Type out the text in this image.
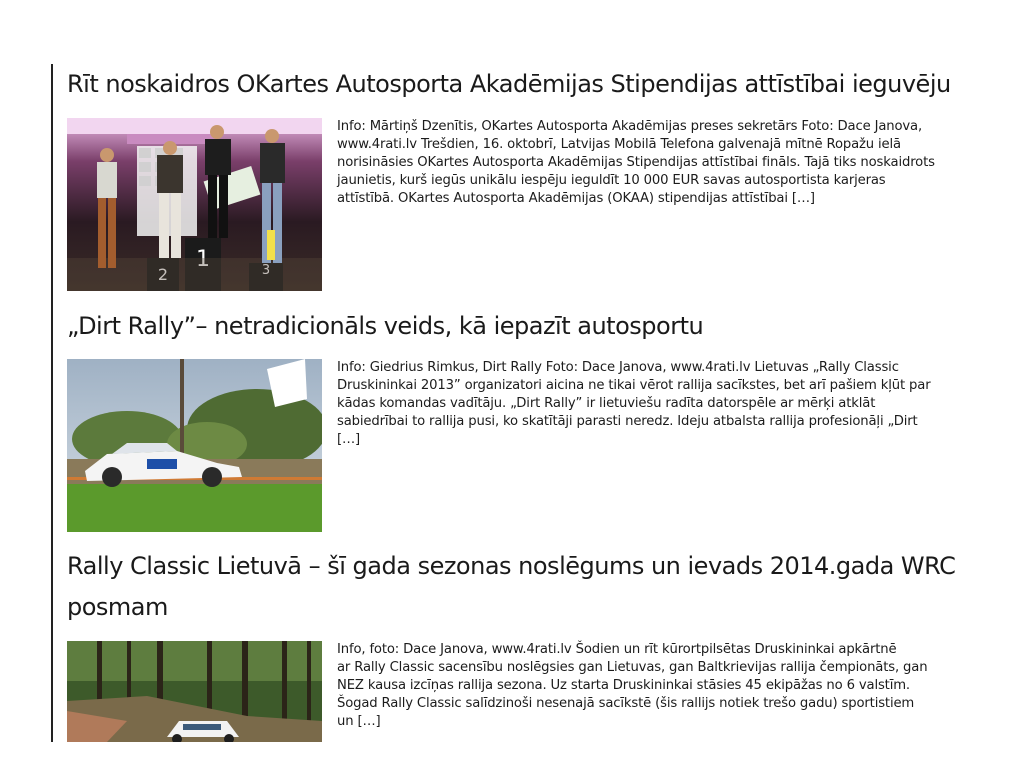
Rīt noskaidros OKartes Autosporta Akadēmijas Stipendijas attīstībai ieguvēju
2
1	3

Info: Mārtiņš Dzenītis, OKartes Autosporta Akadēmijas preses sekretārs Foto: Dace Janova,
www.4rati.lv Trešdien, 16. oktobrī, Latvijas Mobilā Telefona galvenajā mītnē Ropažu ielā
norisināsies OKartes Autosporta Akadēmijas Stipendijas attīstībai fināls. Tajā tiks noskaidrots
jaunietis, kurš iegūs unikālu iespēju ieguldīt 10 000 EUR savas autosportista karjeras
attīstībā. OKartes Autosporta Akadēmijas (OKAA) stipendijas attīstībai […]

„Dirt Rally”– netradicionāls veids, kā iepazīt autosportu

Info: Giedrius Rimkus, Dirt Rally Foto: Dace Janova, www.4rati.lv Lietuvas „Rally Classic
Druskininkai 2013” organizatori aicina ne tikai vērot rallija sacīkstes, bet arī pašiem kļūt par
kādas komandas vadītāju. „Dirt Rally” ir lietuviešu radīta datorspēle ar mērķi atklāt
sabiedrībai to rallija pusi, ko skatītāji parasti neredz. Ideju atbalsta rallija profesionāļi „Dirt
[…]

Rally Classic Lietuvā – šī gada sezonas noslēgums un ievads 2014.gada WRC
posmam

Info, foto: Dace Janova, www.4rati.lv Šodien un rīt kūrortpilsētas Druskininkai apkārtnē
ar Rally Classic sacensību noslēgsies gan Lietuvas, gan Baltkrievijas rallija čempionāts, gan
NEZ kausa izcīņas rallija sezona. Uz starta Druskininkai stāsies 45 ekipāžas no 6 valstīm.
Šogad Rally Classic salīdzinoši nesenajā sacīkstē (šis rallijs notiek trešo gadu) sportistiem
un […]
